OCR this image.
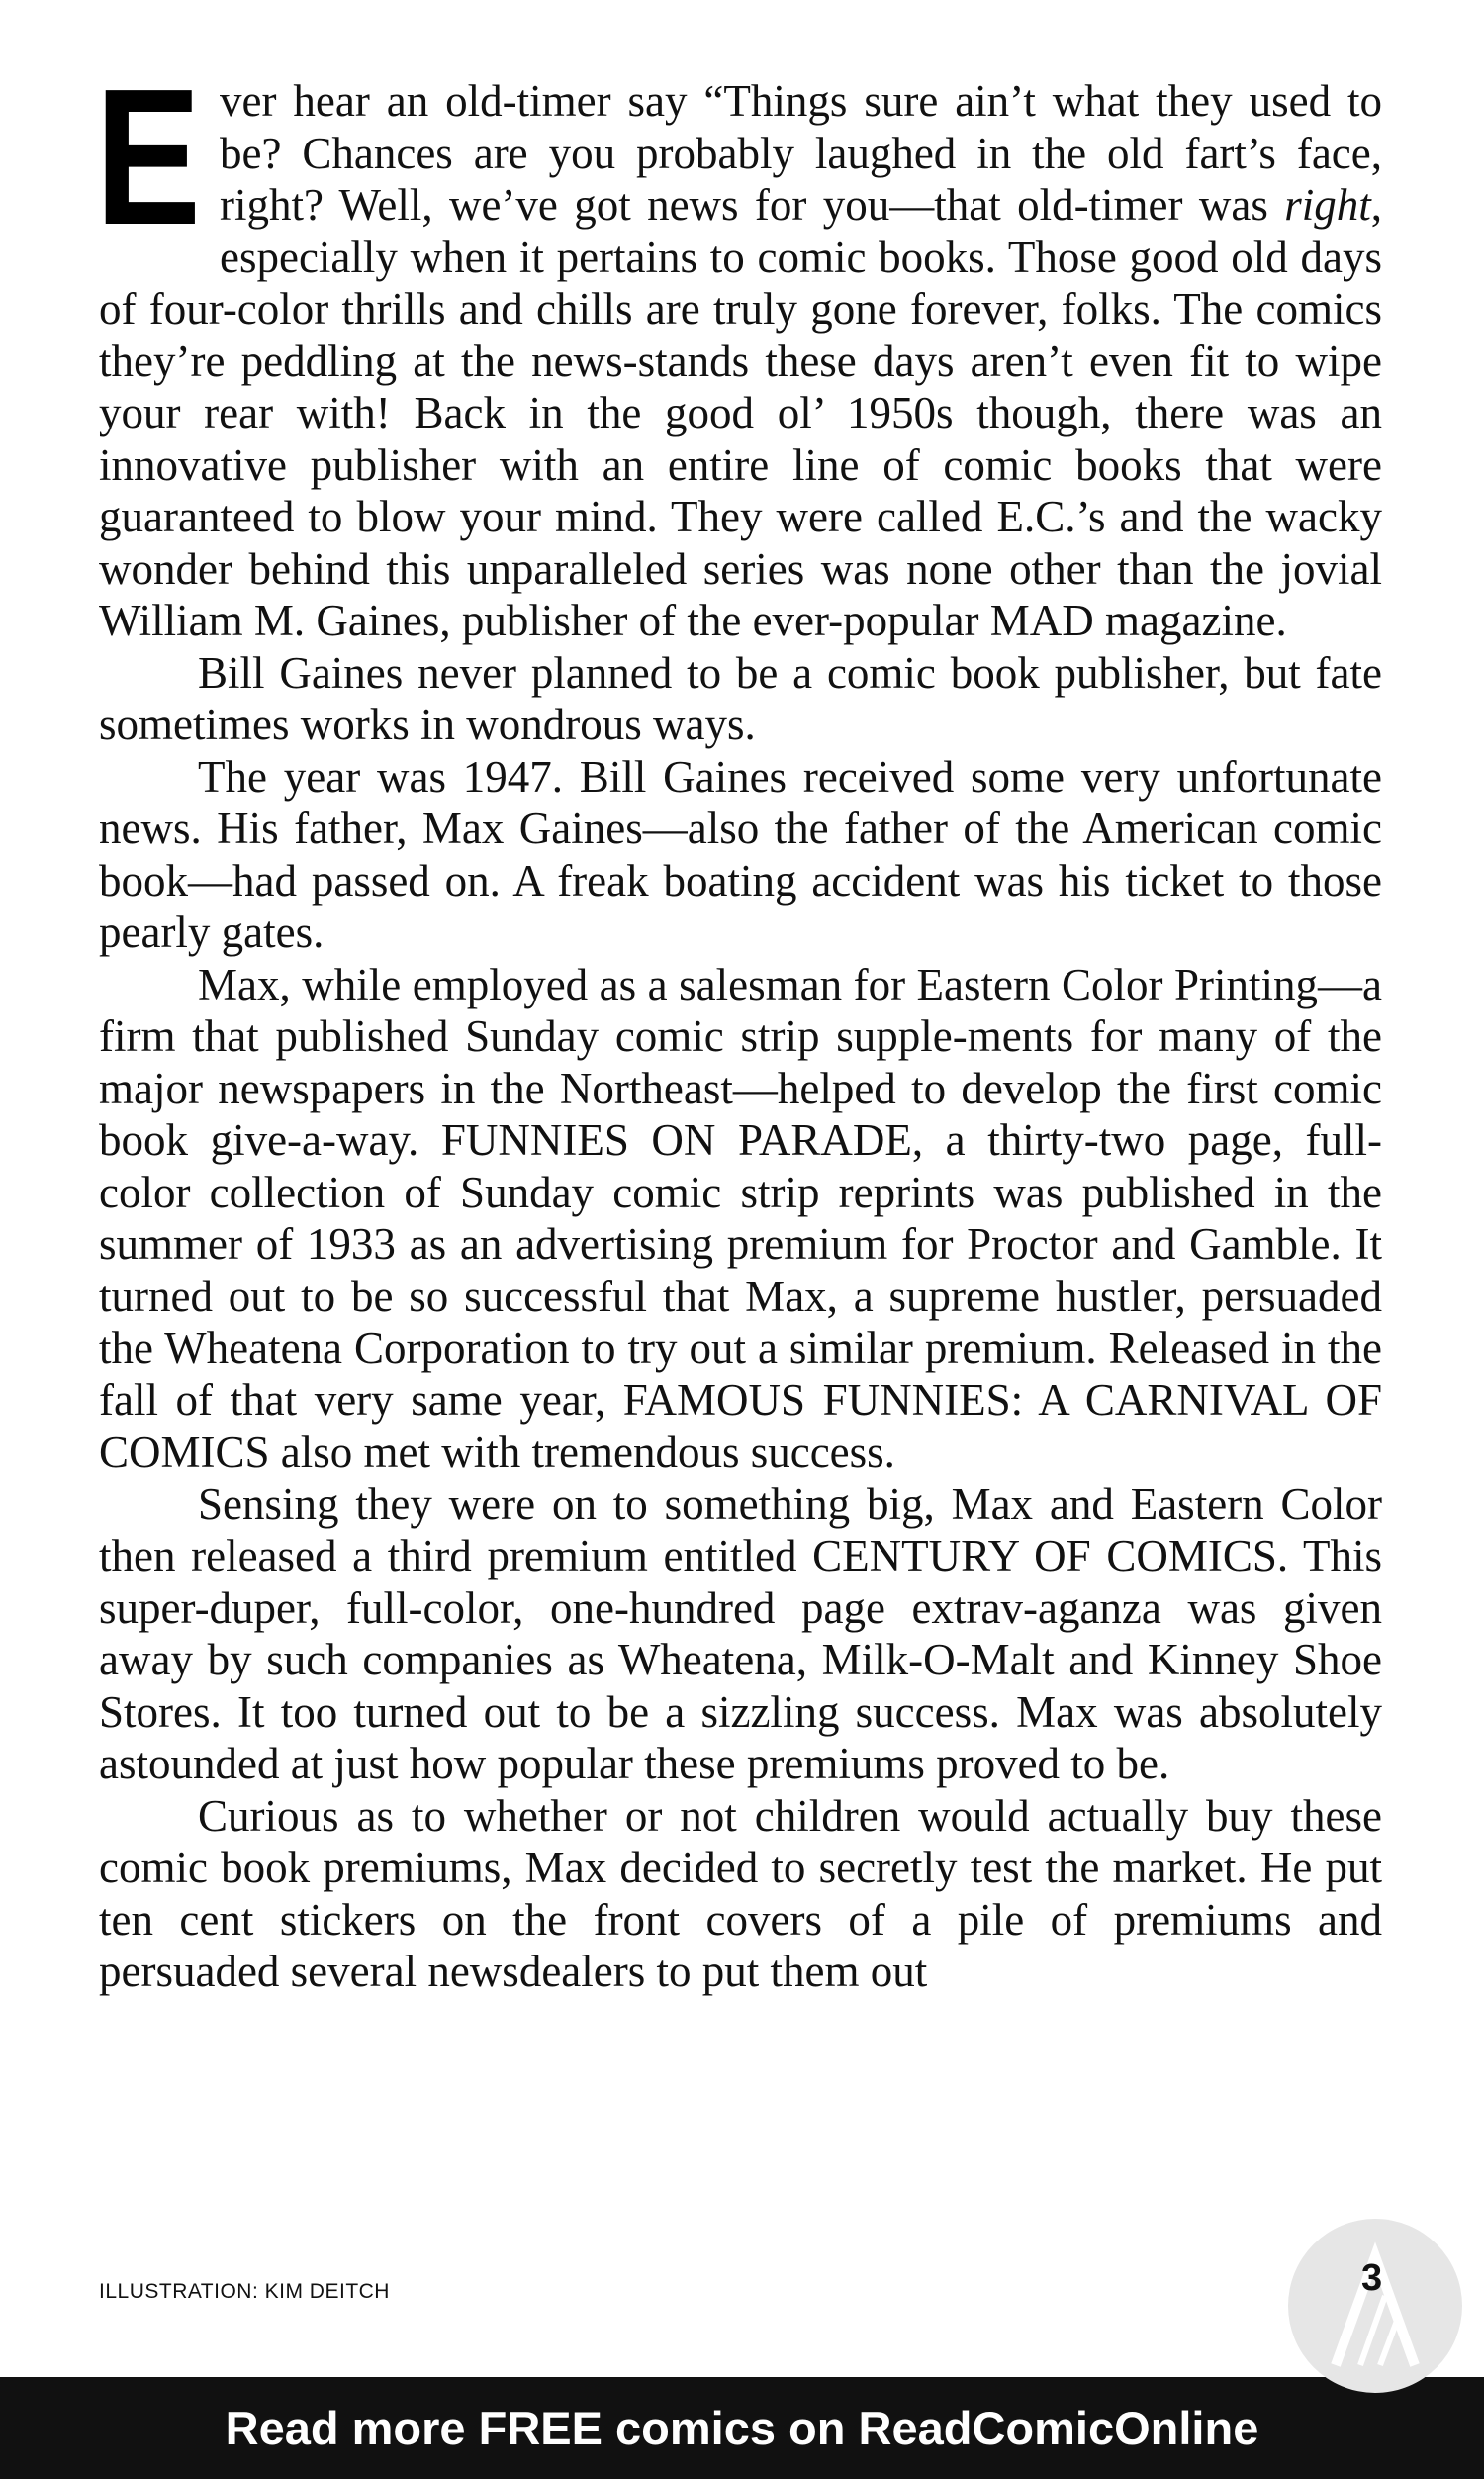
Ever hear an old-timer say “Things sure ain’t what they used to be? Chances are you probably laughed in the old fart’s face, right? Well, we’ve got news for you—that old-timer was right, especially when it pertains to comic books. Those good old days of four-color thrills and chills are truly gone forever, folks. The comics they’re peddling at the news-stands these days aren’t even fit to wipe your rear with! Back in the good ol’ 1950s though, there was an innovative publisher with an entire line of comic books that were guaranteed to blow your mind. They were called E.C.’s and the wacky wonder behind this unparalleled series was none other than the jovial William M. Gaines, publisher of the ever-popular MAD magazine.

Bill Gaines never planned to be a comic book publisher, but fate sometimes works in wondrous ways.

The year was 1947. Bill Gaines received some very unfortunate news. His father, Max Gaines—also the father of the American comic book—had passed on. A freak boating accident was his ticket to those pearly gates.

Max, while employed as a salesman for Eastern Color Printing—a firm that published Sunday comic strip supple-ments for many of the major newspapers in the Northeast—helped to develop the first comic book give-a-way. FUNNIES ON PARADE, a thirty-two page, full-color collection of Sunday comic strip reprints was published in the summer of 1933 as an advertising premium for Proctor and Gamble. It turned out to be so successful that Max, a supreme hustler, persuaded the Wheatena Corporation to try out a similar premium. Released in the fall of that very same year, FAMOUS FUNNIES: A CARNIVAL OF COMICS also met with tremendous success.

Sensing they were on to something big, Max and Eastern Color then released a third premium entitled CENTURY OF COMICS. This super-duper, full-color, one-hundred page extrav-aganza was given away by such companies as Wheatena, Milk-O-Malt and Kinney Shoe Stores. It too turned out to be a sizzling success. Max was absolutely astounded at just how popular these premiums proved to be.

Curious as to whether or not children would actually buy these comic book premiums, Max decided to secretly test the market. He put ten cent stickers on the front covers of a pile of premiums and persuaded several newsdealers to put them out

ILLUSTRATION: KIM DEITCH	3
Read more FREE comics on ReadComicOnline
